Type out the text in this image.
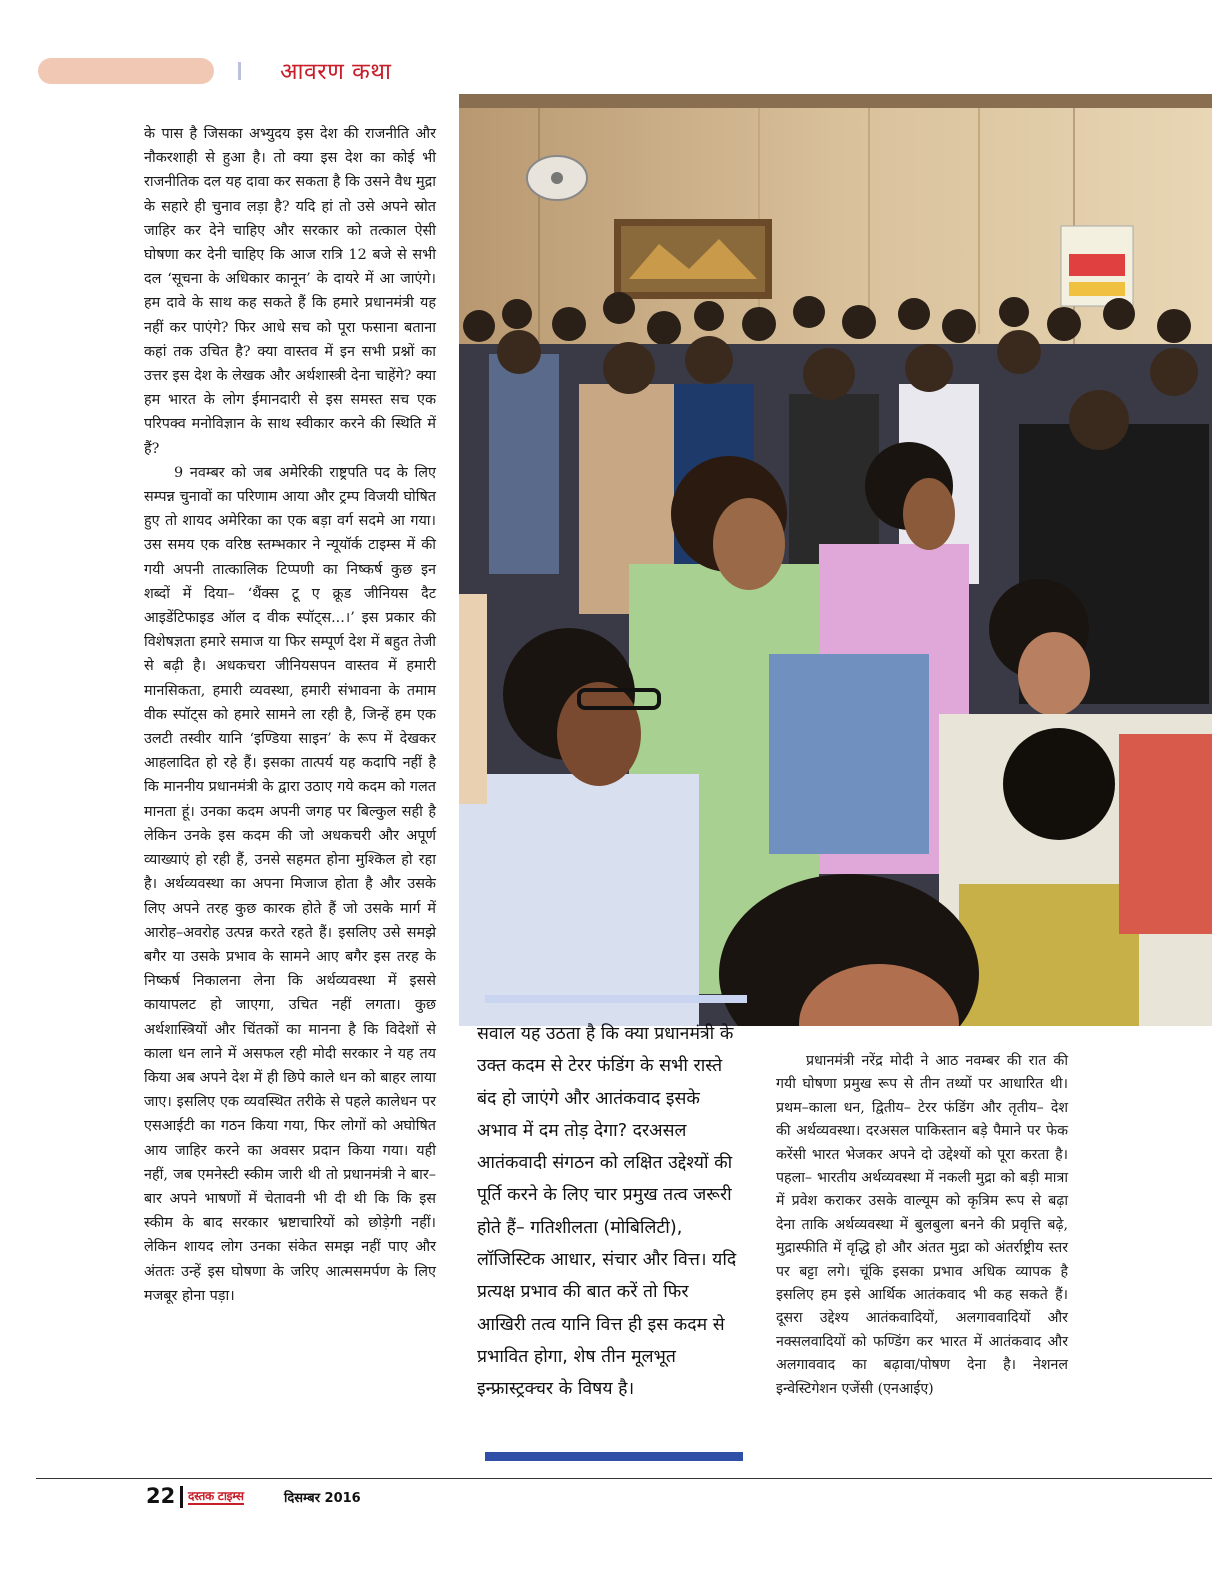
आवरण कथा

के पास है जिसका अभ्युदय इस देश की राजनीति और नौकरशाही से हुआ है। तो क्या इस देश का कोई भी राजनीतिक दल यह दावा कर सकता है कि उसने वैध मुद्रा के सहारे ही चुनाव लड़ा है? यदि हां तो उसे अपने स्रोत जाहिर कर देने चाहिए और सरकार को तत्काल ऐसी घोषणा कर देनी चाहिए कि आज रात्रि 12 बजे से सभी दल ‘सूचना के अधिकार कानून’ के दायरे में आ जाएंगे। हम दावे के साथ कह सकते हैं कि हमारे प्रधानमंत्री यह नहीं कर पाएंगे? फिर आधे सच को पूरा फसाना बताना कहां तक उचित है? क्या वास्तव में इन सभी प्रश्नों का उत्तर इस देश के लेखक और अर्थशास्त्री देना चाहेंगे? क्या हम भारत के लोग ईमानदारी से इस समस्त सच एक परिपक्व मनोविज्ञान के साथ स्वीकार करने की स्थिति में हैं?

9 नवम्बर को जब अमेरिकी राष्ट्रपति पद के लिए सम्पन्न चुनावों का परिणाम आया और ट्रम्प विजयी घोषित हुए तो शायद अमेरिका का एक बड़ा वर्ग सदमे आ गया। उस समय एक वरिष्ठ स्तम्भकार ने न्यूयॉर्क टाइम्स में की गयी अपनी तात्कालिक टिप्पणी का निष्कर्ष कुछ इन शब्दों में दिया– ‘थैंक्स टू ए क्रूड जीनियस दैट आइडेंटिफाइड ऑल द वीक स्पॉट्स...।’ इस प्रकार की विशेषज्ञता हमारे समाज या फिर सम्पूर्ण देश में बहुत तेजी से बढ़ी है। अधकचरा जीनियसपन वास्तव में हमारी मानसिकता, हमारी व्यवस्था, हमारी संभावना के तमाम वीक स्पॉट्स को हमारे सामने ला रही है, जिन्हें हम एक उलटी तस्वीर यानि ‘इण्डिया साइन’ के रूप में देखकर आहलादित हो रहे हैं। इसका तात्पर्य यह कदापि नहीं है कि माननीय प्रधानमंत्री के द्वारा उठाए गये कदम को गलत मानता हूं। उनका कदम अपनी जगह पर बिल्कुल सही है लेकिन उनके इस कदम की जो अधकचरी और अपूर्ण व्याख्याएं हो रही हैं, उनसे सहमत होना मुश्किल हो रहा है। अर्थव्यवस्था का अपना मिजाज होता है और उसके लिए अपने तरह कुछ कारक होते हैं जो उसके मार्ग में आरोह–अवरोह उत्पन्न करते रहते हैं। इसलिए उसे समझे बगैर या उसके प्रभाव के सामने आए बगैर इस तरह के निष्कर्ष निकालना लेना कि अर्थव्यवस्था में इससे कायापलट हो जाएगा, उचित नहीं लगता। कुछ अर्थशास्त्रियों और चिंतकों का मानना है कि विदेशों से काला धन लाने में असफल रही मोदी सरकार ने यह तय किया अब अपने देश में ही छिपे काले धन को बाहर लाया जाए। इसलिए एक व्यवस्थित तरीके से पहले कालेधन पर एसआईटी का गठन किया गया, फिर लोगों को अघोषित आय जाहिर करने का अवसर प्रदान किया गया। यही नहीं, जब एमनेस्टी स्कीम जारी थी तो प्रधानमंत्री ने बार–बार अपने भाषणों में चेतावनी भी दी थी कि कि इस स्कीम के बाद सरकार भ्रष्टाचारियों को छोड़ेगी नहीं। लेकिन शायद लोग उनका संकेत समझ नहीं पाए और अंततः उन्हें इस घोषणा के जरिए आत्मसमर्पण के लिए मजबूर होना पड़ा।

सवाल यह उठता है कि क्या प्रधानमंत्री के उक्त कदम से टेरर फंडिंग के सभी रास्ते बंद हो जाएंगे और आतंकवाद इसके अभाव में दम तोड़ देगा? दरअसल आतंकवादी संगठन को लक्षित उद्देश्यों की पूर्ति करने के लिए चार प्रमुख तत्व जरूरी होते हैं– गतिशीलता (मोबिलिटी), लॉजिस्टिक आधार, संचार और वित्त। यदि प्रत्यक्ष प्रभाव की बात करें तो फिर आखिरी तत्व यानि वित्त ही इस कदम से प्रभावित होगा, शेष तीन मूलभूत इन्फ्रास्ट्रक्चर के विषय है।

प्रधानमंत्री नरेंद्र मोदी ने आठ नवम्बर की रात की गयी घोषणा प्रमुख रूप से तीन तथ्यों पर आधारित थी। प्रथम–काला धन, द्वितीय– टेरर फंडिंग और तृतीय– देश की अर्थव्यवस्था। दरअसल पाकिस्तान बड़े पैमाने पर फेक करेंसी भारत भेजकर अपने दो उद्देश्यों को पूरा करता है। पहला– भारतीय अर्थव्यवस्था में नकली मुद्रा को बड़ी मात्रा में प्रवेश कराकर उसके वाल्यूम को कृत्रिम रूप से बढ़ा देना ताकि अर्थव्यवस्था में बुलबुला बनने की प्रवृत्ति बढ़े, मुद्रास्फीति में वृद्धि हो और अंतत मुद्रा को अंतर्राष्ट्रीय स्तर पर बट्टा लगे। चूंकि इसका प्रभाव अधिक व्यापक है इसलिए हम इसे आर्थिक आतंकवाद भी कह सकते हैं। दूसरा उद्देश्य आतंकवादियों, अलगाववादियों और नक्सलवादियों को फण्डिंग कर भारत में आतंकवाद और अलगाववाद का बढ़ावा/पोषण देना है। नेशनल इन्वेस्टिगेशन एजेंसी (एनआईए)

22 दस्तक टाइम्स	दिसम्बर 2016
